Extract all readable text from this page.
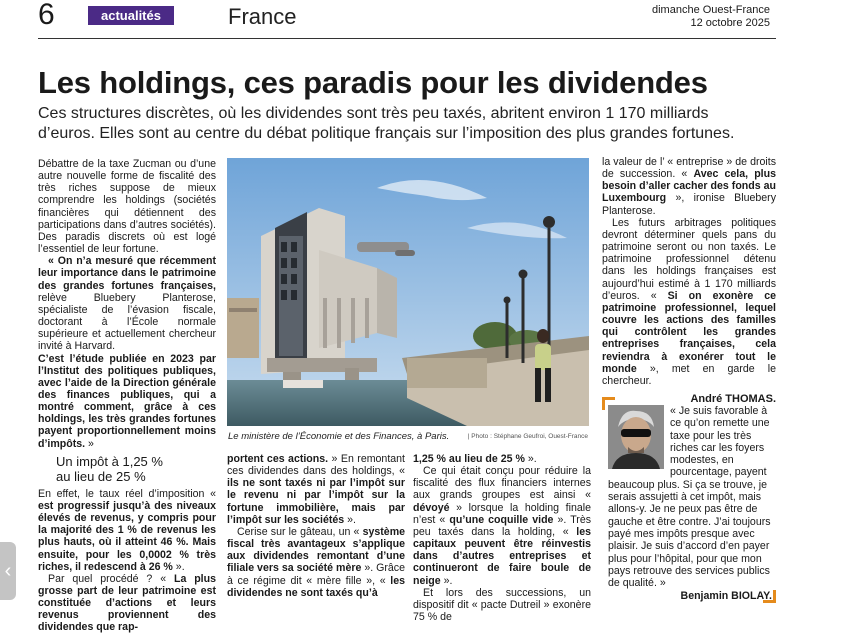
6	actualités	France	dimanche Ouest-France
12 octobre 2025
Les holdings, ces paradis pour les dividendes
Ces structures discrètes, où les dividendes sont très peu taxés, abritent environ 1 170 milliards d’euros. Elles sont au centre du débat politique français sur l’imposition des plus grandes fortunes.

Débattre de la taxe Zucman ou d’une autre nouvelle forme de fiscalité des très riches suppose de mieux comprendre les holdings (sociétés financières qui détiennent des participations dans d’autres sociétés). Des paradis discrets où est logé l’essentiel de leur fortune.

« On n’a mesuré que récemment leur importance dans le patrimoine des grandes fortunes françaises, relève Bluebery Planterose, spécialiste de l’évasion fiscale, doctorant à l’École normale supérieure et actuellement chercheur invité à Harvard.

C’est l’étude publiée en 2023 par l’Institut des politiques publiques, avec l’aide de la Direction générale des finances publiques, qui a montré comment, grâce à ces holdings, les très grandes fortunes payent proportionnellement moins d’impôts. »

Un impôt à 1,25 %
au lieu de 25 %

En effet, le taux réel d’imposition « est progressif jusqu’à des niveaux élevés de revenus, y compris pour la majorité des 1 % de revenus les plus hauts, où il atteint 46 %. Mais ensuite, pour les 0,0002 % très riches, il redescend à 26 % ».

Par quel procédé ? « La plus grosse part de leur patrimoine est constituée d’actions et leurs revenus proviennent des dividendes que rap-

Le ministère de l’Économie et des Finances, à Paris.	| Photo : Stéphane Geufroi, Ouest-France

portent ces actions. » En remontant ces dividendes dans des holdings, « ils ne sont taxés ni par l’impôt sur le revenu ni par l’impôt sur la fortune immobilière, mais par l’impôt sur les sociétés ».

Cerise sur le gâteau, un « système fiscal très avantageux s’applique aux dividendes remontant d’une filiale vers sa société mère ». Grâce à ce régime dit « mère fille », « les dividendes ne sont taxés qu’à

1,25 % au lieu de 25 % ».

Ce qui était conçu pour réduire la fiscalité des flux financiers internes aux grands groupes est ainsi « dévoyé » lorsque la holding finale n’est « qu’une coquille vide ». Très peu taxés dans la holding, « les capitaux peuvent être réinvestis dans d’autres entreprises et continueront de faire boule de neige ».

Et lors des successions, un dispositif dit « pacte Dutreil » exonère 75 % de

la valeur de l’ « entreprise » de droits de succession. « Avec cela, plus besoin d’aller cacher des fonds au Luxembourg », ironise Bluebery Planterose.

Les futurs arbitrages politiques devront déterminer quels pans du patrimoine seront ou non taxés. Le patrimoine professionnel détenu dans les holdings françaises est aujourd’hui estimé à 1 170 milliards d’euros. « Si on exonère ce patrimoine professionnel, lequel couvre les actions des familles qui contrôlent les grandes entreprises françaises, cela reviendra à exonérer tout le monde », met en garde le chercheur.

André THOMAS.

« Je suis favorable à ce qu’on remette une taxe pour les très riches car les foyers modestes, en pourcentage, payent beaucoup plus. Si ça se trouve, je serais assujetti à cet impôt, mais allons-y. Je ne peux pas être de gauche et être contre. J’ai toujours payé mes impôts presque avec plaisir. Je suis d’accord d’en payer plus pour l’hôpital, pour que mon pays retrouve des services publics de qualité. »
Benjamin BIOLAY.
‹
